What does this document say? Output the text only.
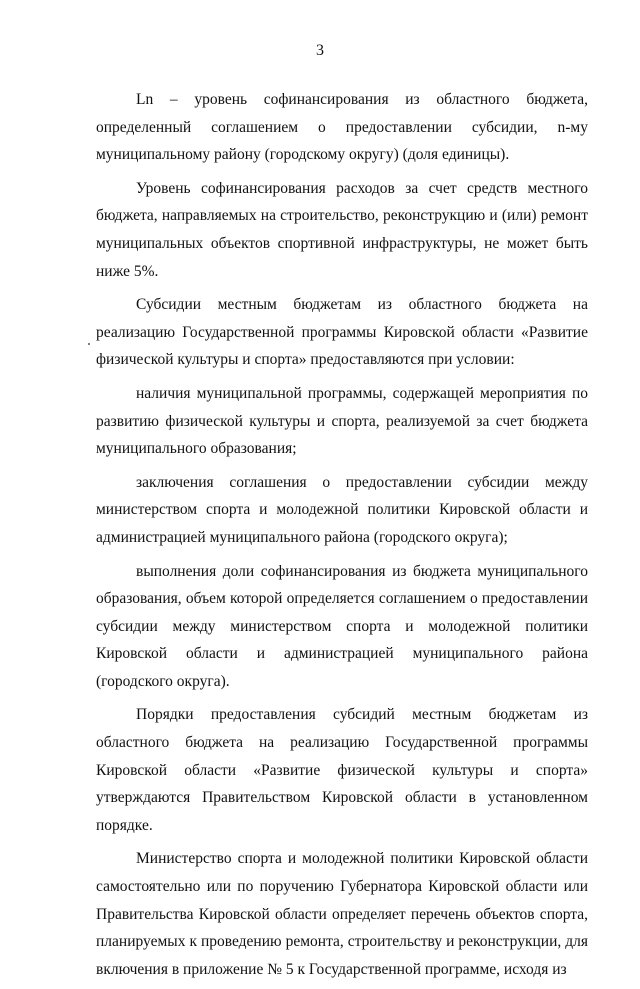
3

Ln – уровень софинансирования из областного бюджета, определенный соглашением о предоставлении субсидии, n-му муниципальному району (городскому округу) (доля единицы).

Уровень софинансирования расходов за счет средств местного бюджета, направляемых на строительство, реконструкцию и (или) ремонт муниципальных объектов спортивной инфраструктуры, не может быть ниже 5%.

Субсидии местным бюджетам из областного бюджета на реализацию Государственной программы Кировской области «Развитие физической культуры и спорта» предоставляются при условии:

наличия муниципальной программы, содержащей мероприятия по развитию физической культуры и спорта, реализуемой за счет бюджета муниципального образования;

заключения соглашения о предоставлении субсидии между министерством спорта и молодежной политики Кировской области и администрацией муниципального района (городского округа);

выполнения доли софинансирования из бюджета муниципального образования, объем которой определяется соглашением о предоставлении субсидии между министерством спорта и молодежной политики Кировской области и администрацией муниципального района (городского округа).

Порядки предоставления субсидий местным бюджетам из областного бюджета на реализацию Государственной программы Кировской области «Развитие физической культуры и спорта» утверждаются Правительством Кировской области в установленном порядке.

Министерство спорта и молодежной политики Кировской области самостоятельно или по поручению Губернатора Кировской области или Правительства Кировской области определяет перечень объектов спорта, планируемых к проведению ремонта, строительству и реконструкции, для включения в приложение № 5 к Государственной программе, исходя из
